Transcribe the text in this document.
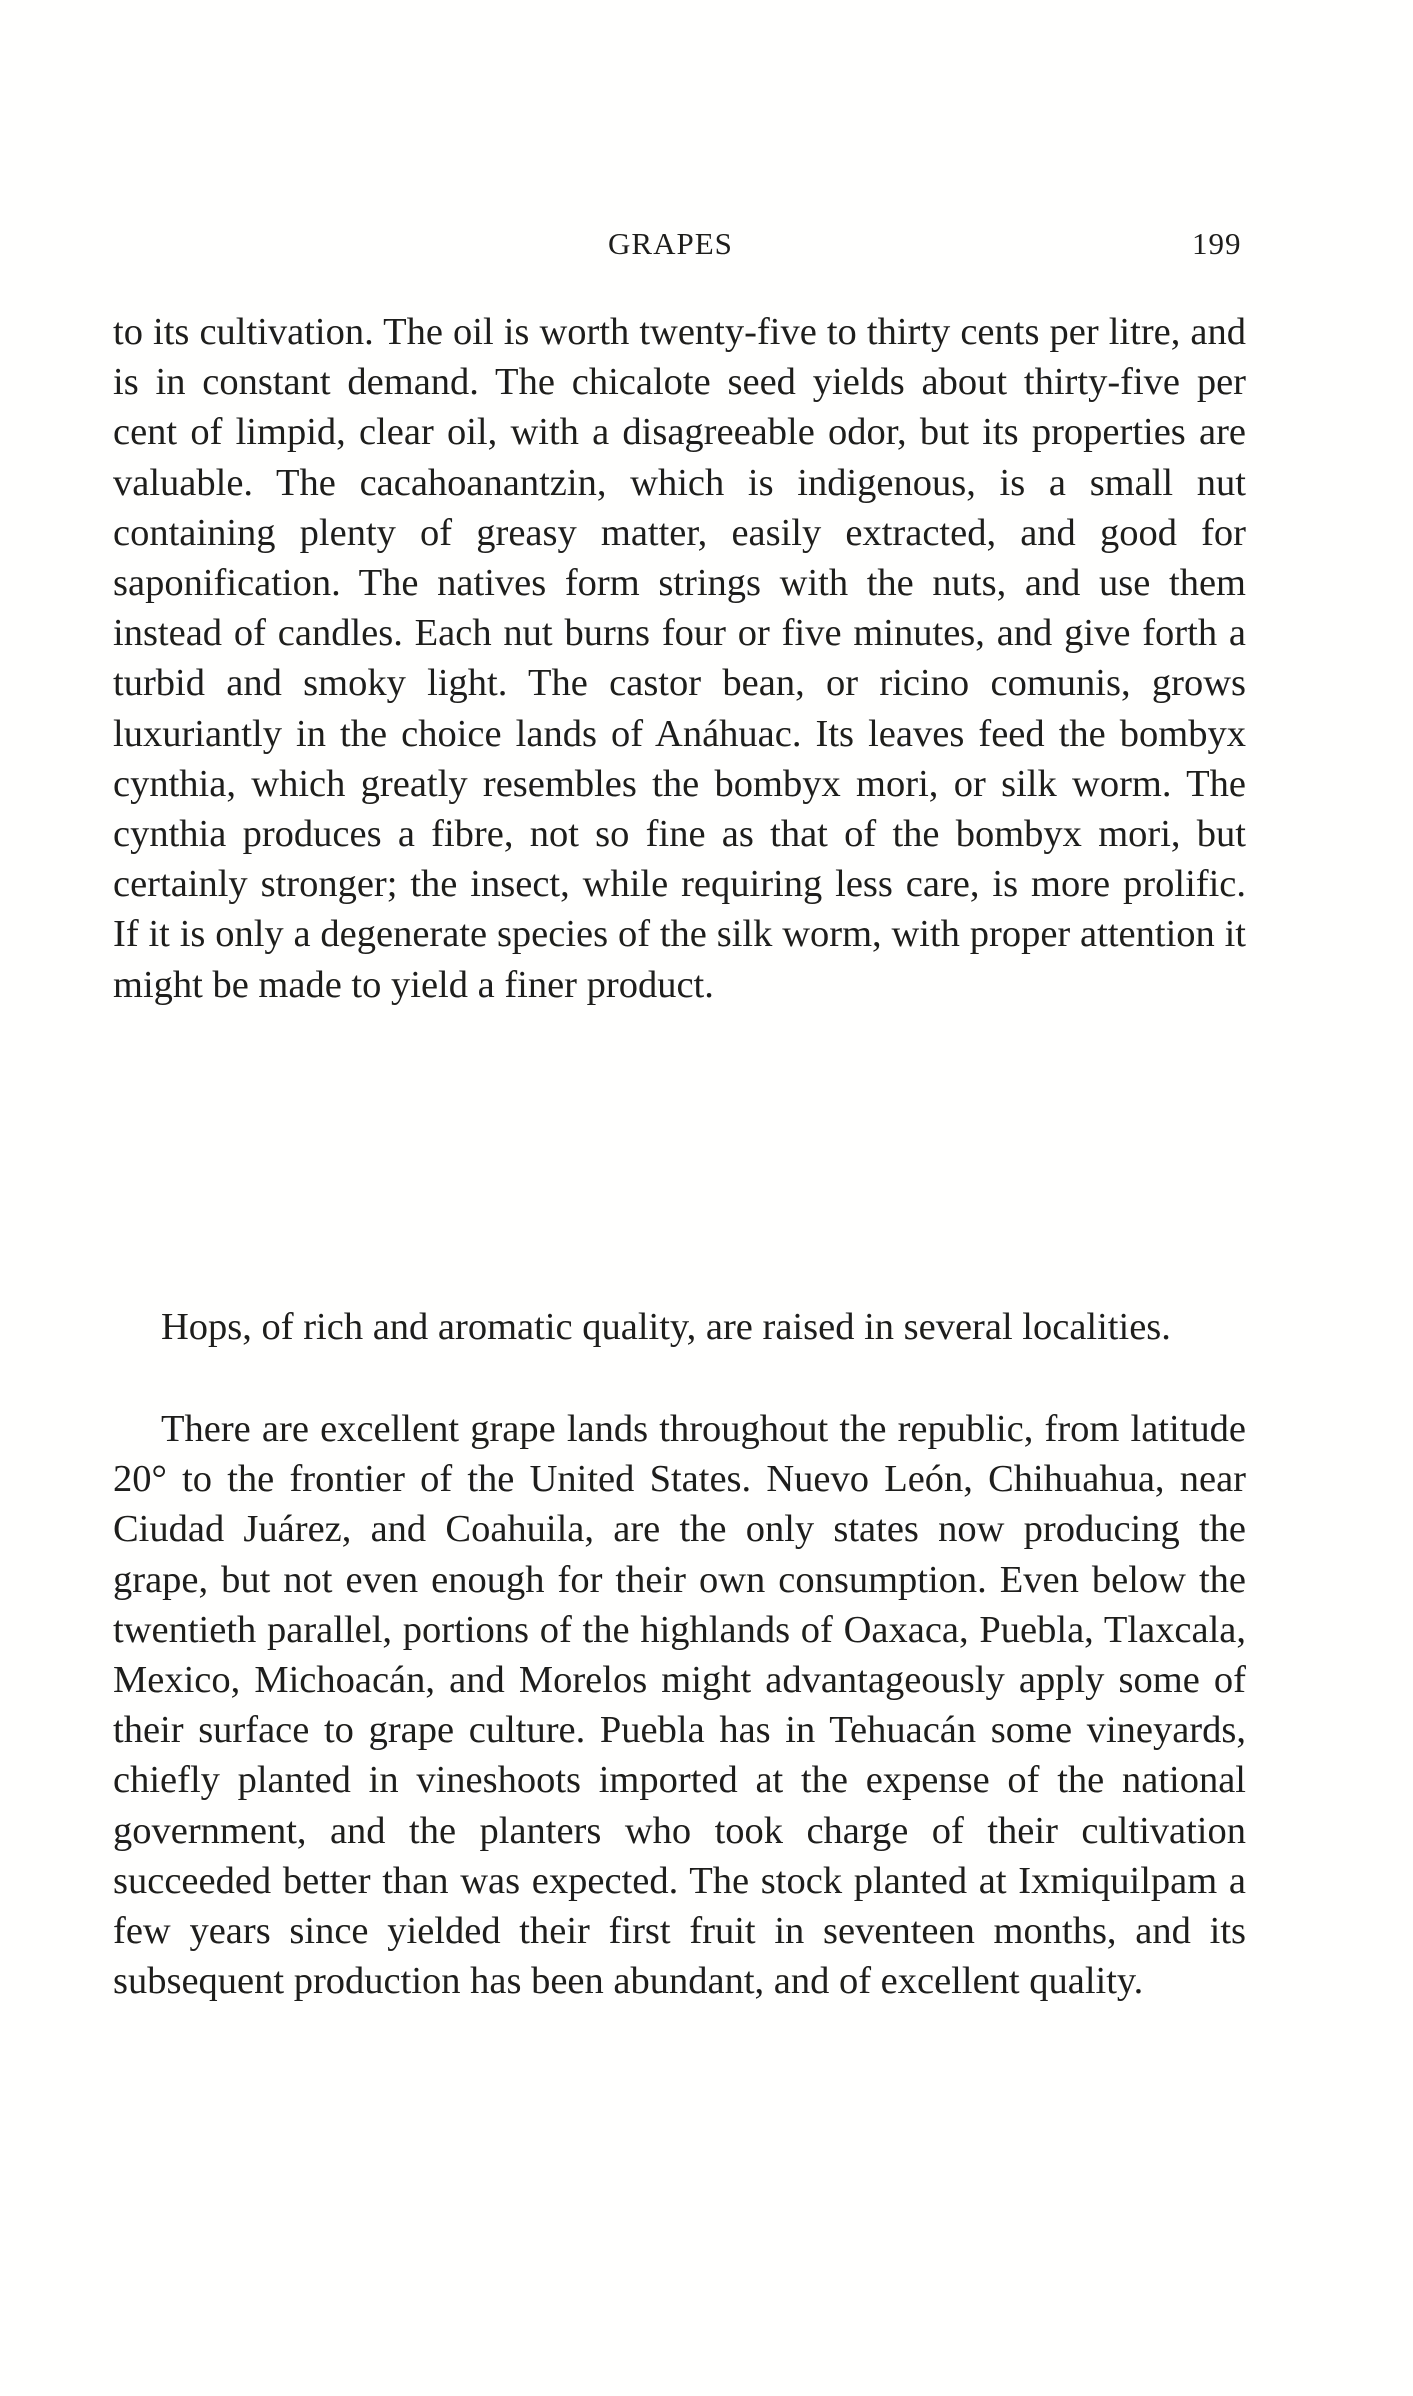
GRAPES	199

to its cultivation. The oil is worth twenty-five to thirty cents per litre, and is in constant demand. The chicalote seed yields about thirty-five per cent of limpid, clear oil, with a disagreeable odor, but its properties are valuable. The cacahoanantzin, which is indigenous, is a small nut containing plenty of greasy matter, easily extracted, and good for saponification. The natives form strings with the nuts, and use them instead of candles. Each nut burns four or five minutes, and give forth a turbid and smoky light. The castor bean, or ricino comunis, grows luxuriantly in the choice lands of Anáhuac. Its leaves feed the bombyx cynthia, which greatly resembles the bombyx mori, or silk worm. The cynthia produces a fibre, not so fine as that of the bombyx mori, but certainly stronger; the insect, while requiring less care, is more prolific. If it is only a degenerate species of the silk worm, with proper attention it might be made to yield a finer product.

Hops, of rich and aromatic quality, are raised in several localities.

There are excellent grape lands throughout the republic, from latitude 20° to the frontier of the United States. Nuevo León, Chihuahua, near Ciudad Juárez, and Coahuila, are the only states now producing the grape, but not even enough for their own consumption. Even below the twentieth parallel, portions of the highlands of Oaxaca, Puebla, Tlaxcala, Mexico, Michoacán, and Morelos might advantageously apply some of their surface to grape culture. Puebla has in Tehuacán some vineyards, chiefly planted in vineshoots imported at the expense of the national government, and the planters who took charge of their cultivation succeeded better than was expected. The stock planted at Ixmiquilpam a few years since yielded their first fruit in seventeen months, and its subsequent production has been abundant, and of excellent quality.
